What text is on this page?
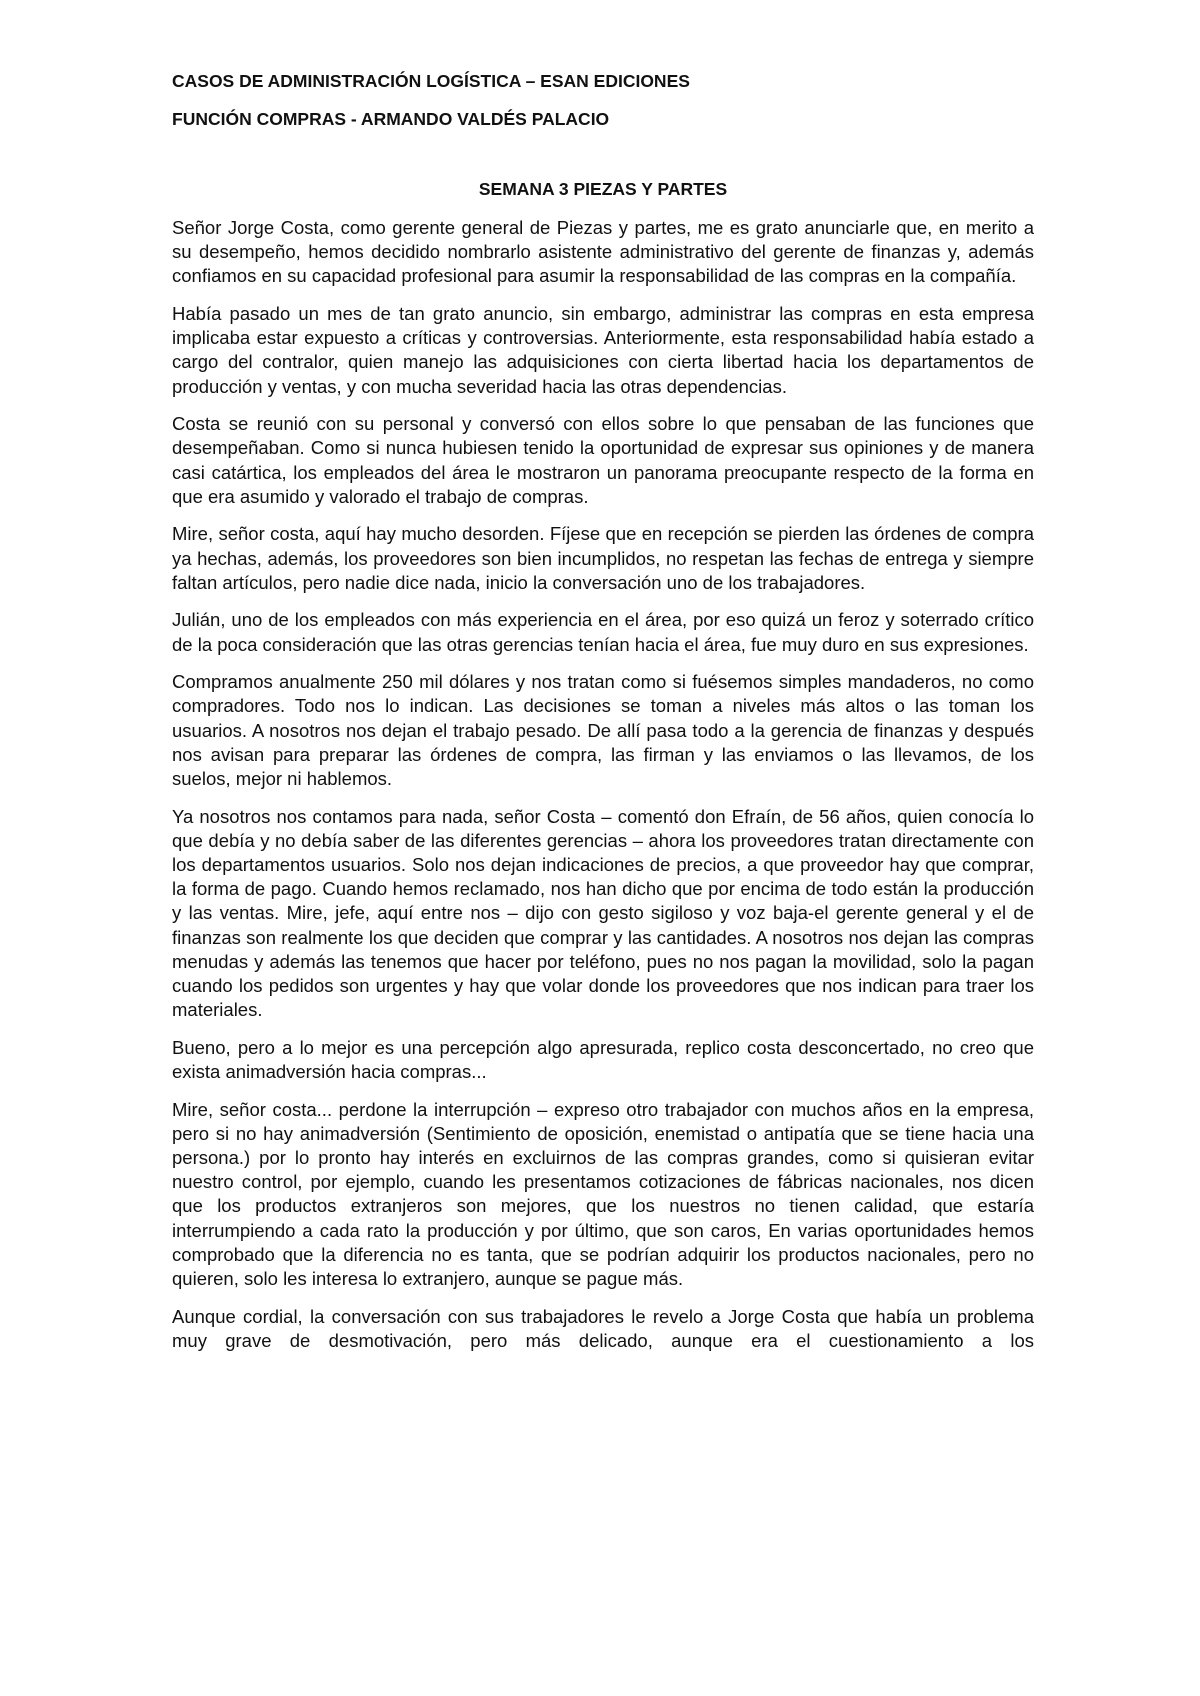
CASOS DE ADMINISTRACIÓN LOGÍSTICA – ESAN EDICIONES
FUNCIÓN COMPRAS - ARMANDO VALDÉS PALACIO
SEMANA 3 PIEZAS Y PARTES

Señor Jorge Costa, como gerente general de Piezas y partes, me es grato anunciarle que, en merito a su desempeño, hemos decidido nombrarlo asistente administrativo del gerente de finanzas y, además confiamos en su capacidad profesional para asumir la responsabilidad de las compras en la compañía.

Había pasado un mes de tan grato anuncio, sin embargo, administrar las compras en esta empresa implicaba estar expuesto a críticas y controversias. Anteriormente, esta responsabilidad había estado a cargo del contralor, quien manejo las adquisiciones con cierta libertad hacia los departamentos de producción y ventas, y con mucha severidad hacia las otras dependencias.

Costa se reunió con su personal y conversó con ellos sobre lo que pensaban de las funciones que desempeñaban. Como si nunca hubiesen tenido la oportunidad de expresar sus opiniones y de manera casi catártica, los empleados del área le mostraron un panorama preocupante respecto de la forma en que era asumido y valorado el trabajo de compras.

Mire, señor costa, aquí hay mucho desorden. Fíjese que en recepción se pierden las órdenes de compra ya hechas, además, los proveedores son bien incumplidos, no respetan las fechas de entrega y siempre faltan artículos, pero nadie dice nada, inicio la conversación uno de los trabajadores.

Julián, uno de los empleados con más experiencia en el área, por eso quizá un feroz y soterrado crítico de la poca consideración que las otras gerencias tenían hacia el área, fue muy duro en sus expresiones.

Compramos anualmente 250 mil dólares y nos tratan como si fuésemos simples mandaderos, no como compradores. Todo nos lo indican. Las decisiones se toman a niveles más altos o las toman los usuarios. A nosotros nos dejan el trabajo pesado. De allí pasa todo a la gerencia de finanzas y después nos avisan para preparar las órdenes de compra, las firman y las enviamos o las llevamos, de los suelos, mejor ni hablemos.

Ya nosotros nos contamos para nada, señor Costa – comentó don Efraín, de 56 años, quien conocía lo que debía y no debía saber de las diferentes gerencias – ahora los proveedores tratan directamente con los departamentos usuarios. Solo nos dejan indicaciones de precios, a que proveedor hay que comprar, la forma de pago. Cuando hemos reclamado, nos han dicho que por encima de todo están la producción y las ventas. Mire, jefe, aquí entre nos – dijo con gesto sigiloso y voz baja-el gerente general y el de finanzas son realmente los que deciden que comprar y las cantidades. A nosotros nos dejan las compras menudas y además las tenemos que hacer por teléfono, pues no nos pagan la movilidad, solo la pagan cuando los pedidos son urgentes y hay que volar donde los proveedores que nos indican para traer los materiales.

Bueno, pero a lo mejor es una percepción algo apresurada, replico costa desconcertado, no creo que exista animadversión hacia compras...

Mire, señor costa... perdone la interrupción – expreso otro trabajador con muchos años en la empresa, pero si no hay animadversión (Sentimiento de oposición, enemistad o antipatía que se tiene hacia una persona.) por lo pronto hay interés en excluirnos de las compras grandes, como si quisieran evitar nuestro control, por ejemplo, cuando les presentamos cotizaciones de fábricas nacionales, nos dicen que los productos extranjeros son mejores, que los nuestros no tienen calidad, que estaría interrumpiendo a cada rato la producción y por último, que son caros, En varias oportunidades hemos comprobado que la diferencia no es tanta, que se podrían adquirir los productos nacionales, pero no quieren, solo les interesa lo extranjero, aunque se pague más.

Aunque cordial, la conversación con sus trabajadores le revelo a Jorge Costa que había un problema muy grave de desmotivación, pero más delicado, aunque era el cuestionamiento a los
